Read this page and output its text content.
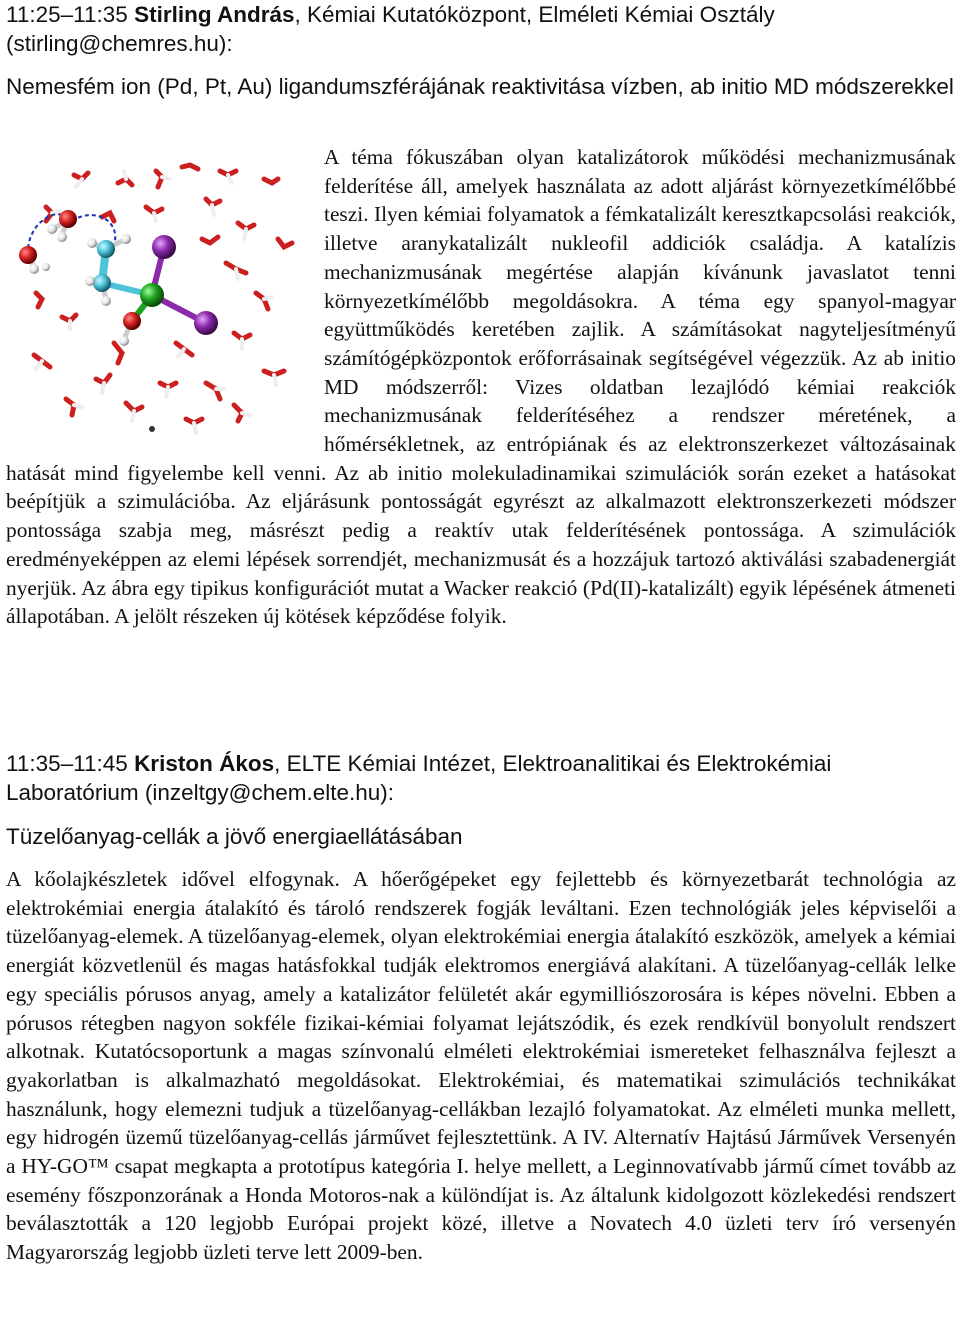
11:25–11:35 Stirling András, Kémiai Kutatóközpont, Elméleti Kémiai Osztály (stirling@chemres.hu):
Nemesfém ion (Pd, Pt, Au) ligandumszférájának reaktivitása vízben, ab initio MD módszerekkel

A téma fókuszában olyan katalizátorok működési mechanizmusának felderítése áll, amelyek használata az adott aljárást környezetkímélőbbé teszi. Ilyen kémiai folyamatok a fémkatalizált keresztkapcsolási reakciók, illetve aranykatalizált nukleofil addiciók családja. A katalízis mechanizmusának megértése alapján kívánunk javaslatot tenni környezetkímélőbb megoldásokra. A téma egy spanyol-magyar együttműködés keretében zajlik. A számításokat nagyteljesítményű számítógépközpontok erőforrásainak segítségével végezzük. Az ab initio MD módszerről: Vizes oldatban lezajlódó kémiai reakciók mechanizmusának felderítéséhez a rendszer méretének, a hőmérsékletnek, az entrópiának és az elektronszerkezet változásainak hatását mind figyelembe kell venni. Az ab initio molekuladinamikai szimulációk során ezeket a hatásokat beépítjük a szimulációba. Az eljárásunk pontosságát egyrészt az alkalmazott elektronszerkezeti módszer pontossága szabja meg, másrészt pedig a reaktív utak felderítésének pontossága. A szimulációk eredményeképpen az elemi lépések sorrendjét, mechanizmusát és a hozzájuk tartozó aktiválási szabadenergiát nyerjük. Az ábra egy tipikus konfigurációt mutat a Wacker reakció (Pd(II)-katalizált) egyik lépésének átmeneti állapotában. A jelölt részeken új kötések képződése folyik.

11:35–11:45 Kriston Ákos, ELTE Kémiai Intézet, Elektroanalitikai és Elektrokémiai Laboratórium (inzeltgy@chem.elte.hu):
Tüzelőanyag-cellák a jövő energiaellátásában

A kőolajkészletek idővel elfogynak. A hőerőgépeket egy fejlettebb és környezetbarát technológia az elektrokémiai energia átalakító és tároló rendszerek fogják leváltani. Ezen technológiák jeles képviselői a tüzelőanyag-elemek. A tüzelőanyag-elemek, olyan elektrokémiai energia átalakító eszközök, amelyek a kémiai energiát közvetlenül és magas hatásfokkal tudják elektromos energiává alakítani. A tüzelőanyag-cellák lelke egy speciális pórusos anyag, amely a katalizátor felületét akár egymilliószorosára is képes növelni. Ebben a pórusos rétegben nagyon sokféle fizikai-kémiai folyamat lejátszódik, és ezek rendkívül bonyolult rendszert alkotnak. Kutatócsoportunk a magas színvonalú elméleti elektrokémiai ismereteket felhasználva fejleszt a gyakorlatban is alkalmazható megoldásokat. Elektrokémiai, és matematikai szimulációs technikákat használunk, hogy elemezni tudjuk a tüzelőanyag-cellákban lezajló folyamatokat. Az elméleti munka mellett, egy hidrogén üzemű tüzelőanyag-cellás járművet fejlesztettünk. A IV. Alternatív Hajtású Járművek Versenyén a HY-GO™ csapat megkapta a prototípus kategória I. helye mellett, a Leginnovatívabb jármű címet tovább az esemény főszponzorának a Honda Motoros-nak a különdíjat is. Az általunk kidolgozott közlekedési rendszert beválasztották a 120 legjobb Európai projekt közé, illetve a Novatech 4.0 üzleti terv író versenyén Magyarország legjobb üzleti terve lett 2009-ben.
